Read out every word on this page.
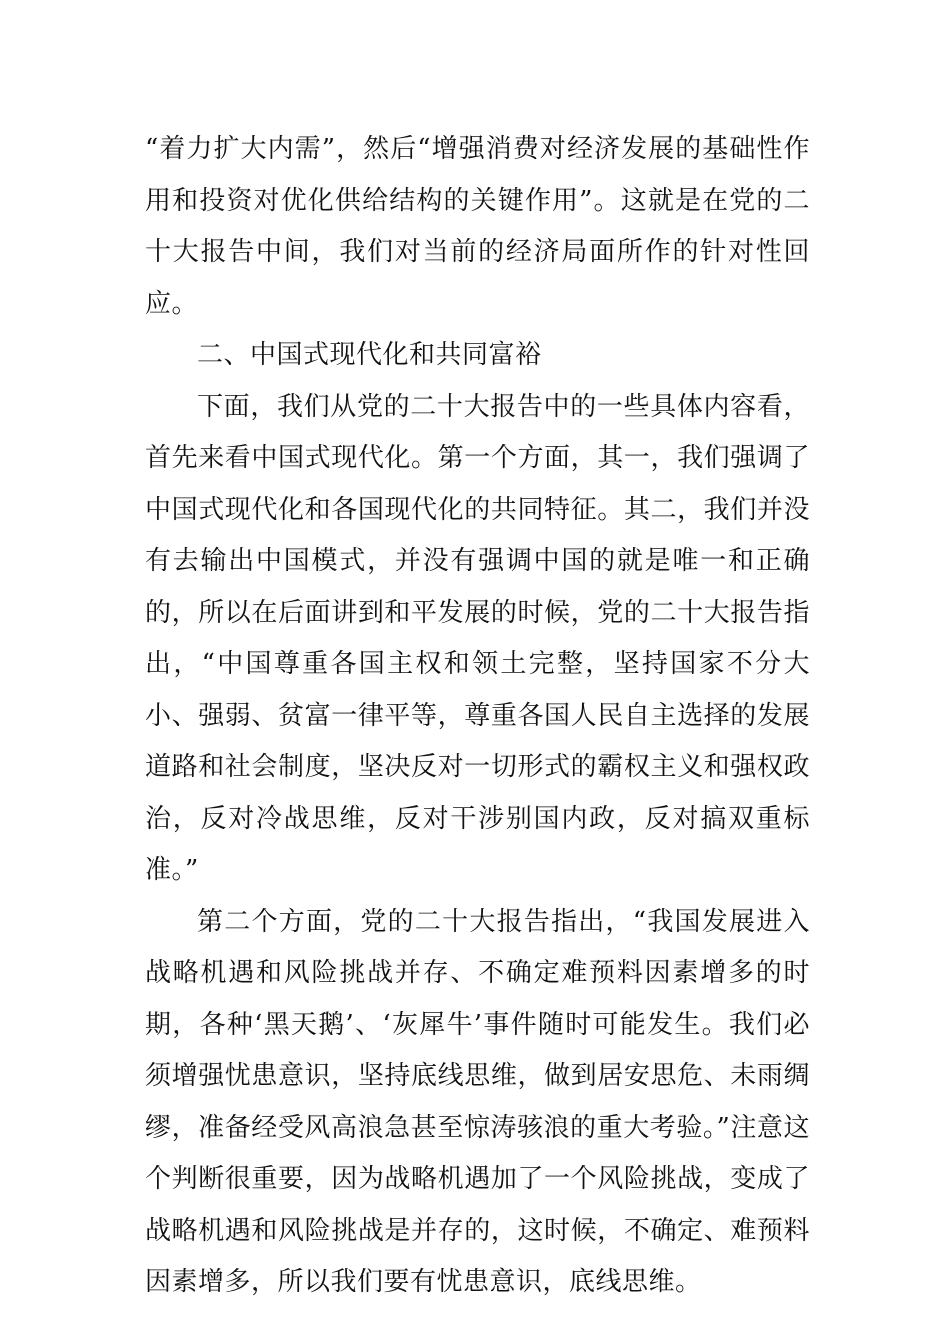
“着力扩大内需”，然后“增强消费对经济发展的基础性作用和投资对优化供给结构的关键作用”。这就是在党的二十大报告中间，我们对当前的经济局面所作的针对性回应。

二、中国式现代化和共同富裕

下面，我们从党的二十大报告中的一些具体内容看，首先来看中国式现代化。第一个方面，其一，我们强调了中国式现代化和各国现代化的共同特征。其二，我们并没有去输出中国模式，并没有强调中国的就是唯一和正确的，所以在后面讲到和平发展的时候，党的二十大报告指出，“中国尊重各国主权和领土完整，坚持国家不分大小、强弱、贫富一律平等，尊重各国人民自主选择的发展道路和社会制度，坚决反对一切形式的霸权主义和强权政治，反对冷战思维，反对干涉别国内政，反对搞双重标准。”

第二个方面，党的二十大报告指出，“我国发展进入战略机遇和风险挑战并存、不确定难预料因素增多的时期，各种‘黑天鹅’、‘灰犀牛’事件随时可能发生。我们必须增强忧患意识，坚持底线思维，做到居安思危、未雨绸缪，准备经受风高浪急甚至惊涛骇浪的重大考验。”注意这个判断很重要，因为战略机遇加了一个风险挑战，变成了战略机遇和风险挑战是并存的，这时候，不确定、难预料因素增多，所以我们要有忧患意识，底线思维。
